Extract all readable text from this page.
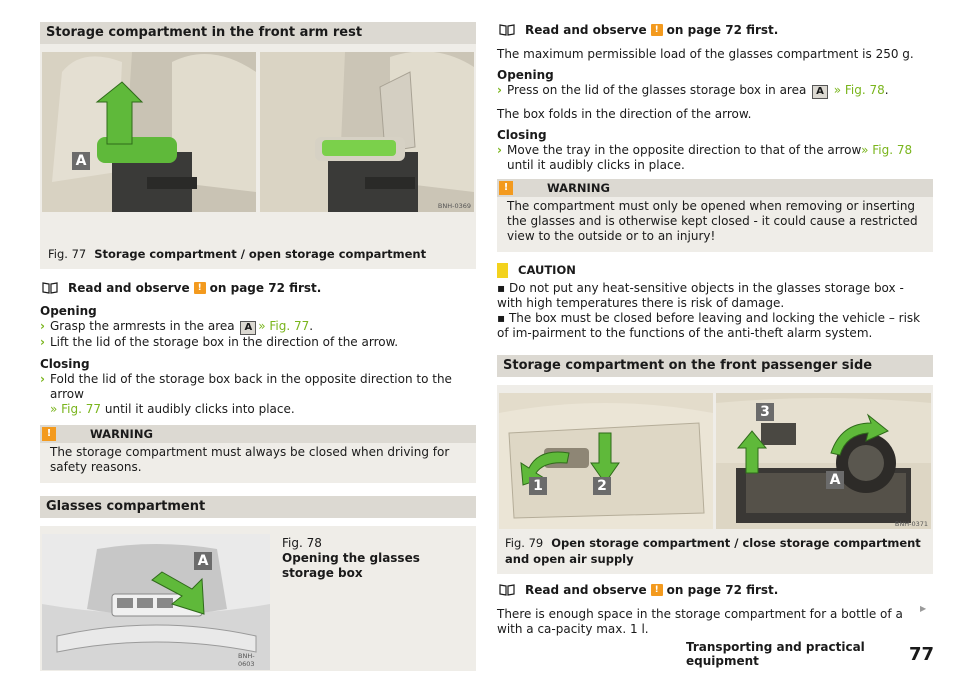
Storage compartment in the front arm rest
A
BNH-0369
Fig. 77 Storage compartment / open storage compartment
Read and observe ! on page 72 first.
Opening
› Grasp the armrests in the area A » Fig. 77.
› Lift the lid of the storage box in the direction of the arrow.
Closing
› Fold the lid of the storage box back in the opposite direction to the arrow
» Fig. 77 until it audibly clicks into place.
!	WARNING
The storage compartment must always be closed when driving for safety reasons.
Glasses compartment
A
BNH-0603
Fig. 78
Opening the glasses storage box
Read and observe ! on page 72 first.
The maximum permissible load of the glasses compartment is 250 g.
Opening
› Press on the lid of the glasses storage box in area A » Fig. 78.
The box folds in the direction of the arrow.
Closing
› Move the tray in the opposite direction to that of the arrow» Fig. 78 until it audibly clicks in place.
!	WARNING
The compartment must only be opened when removing or inserting the glasses and is otherwise kept closed - it could cause a restricted view to the outside or to an injury!
CAUTION
▪ Do not put any heat-sensitive objects in the glasses storage box - with high temperatures there is risk of damage.
▪ The box must be closed before leaving and locking the vehicle – risk of im-pairment to the functions of the anti-theft alarm system.
Storage compartment on the front passenger side
1	2
3
A
BNH-0371
Fig. 79 Open storage compartment / close storage compartment and open air supply
Read and observe ! on page 72 first.
There is enough space in the storage compartment for a bottle of a with a ca-pacity max. 1 l.
▶
Transporting and practical equipment	77
